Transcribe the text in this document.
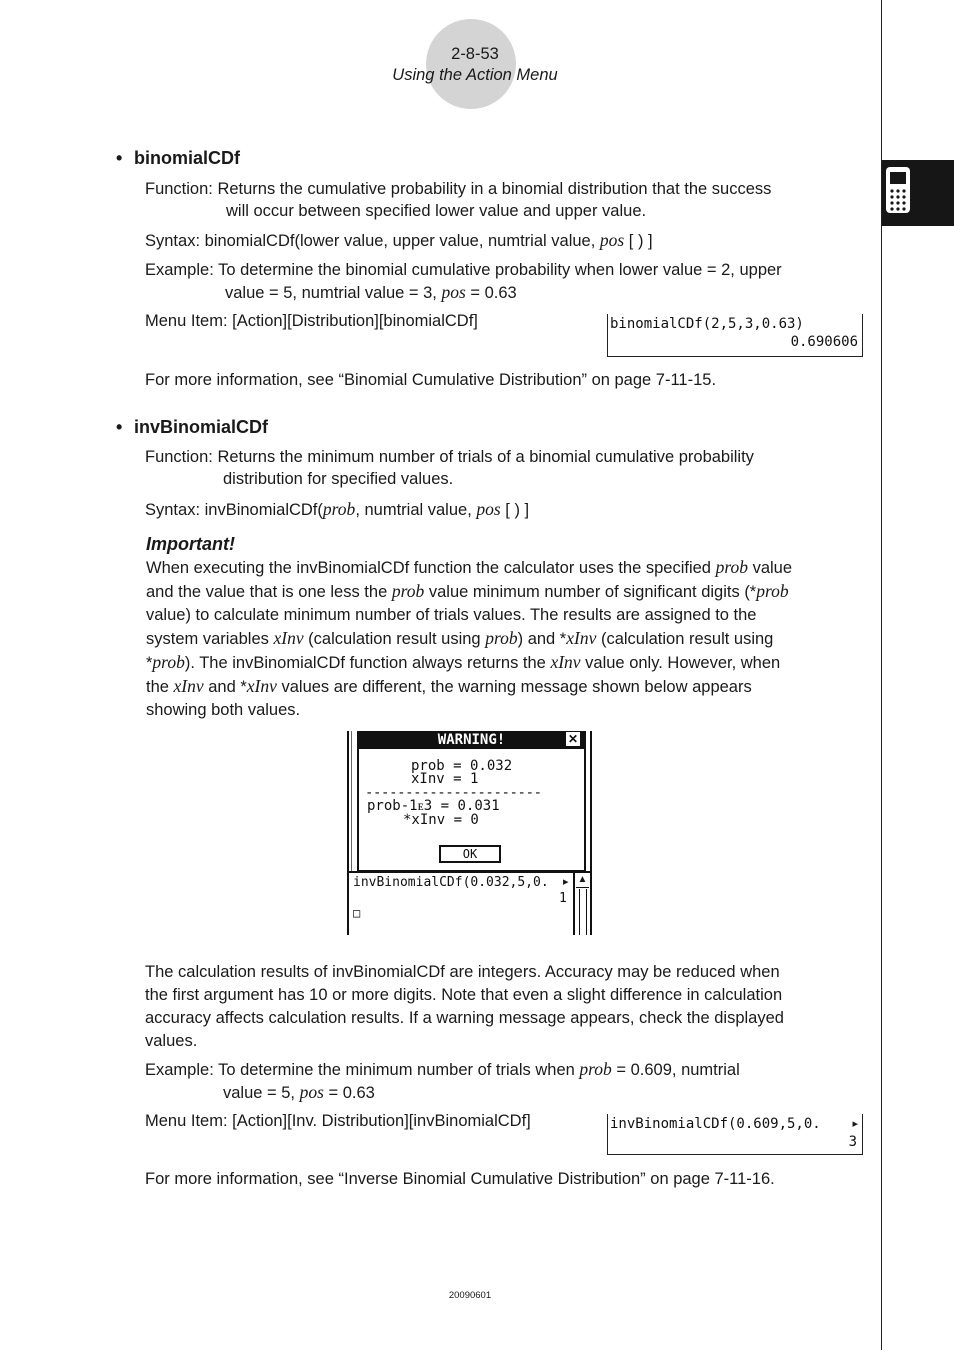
2-8-53
Using the Action Menu
• binomialCDf
Function: Returns the cumulative probability in a binomial distribution that the success
will occur between specified lower value and upper value.
Syntax: binomialCDf(lower value, upper value, numtrial value, pos [ ) ]
Example: To determine the binomial cumulative probability when lower value = 2, upper
value = 5, numtrial value = 3, pos = 0.63
Menu Item: [Action][Distribution][binomialCDf]	binomialCDf(2,5,3,0.63)
0.690606
For more information, see “Binomial Cumulative Distribution” on page 7-11-15.
• invBinomialCDf
Function: Returns the minimum number of trials of a binomial cumulative probability
distribution for specified values.
Syntax: invBinomialCDf(prob, numtrial value, pos [ ) ]
Important!
When executing the invBinomialCDf function the calculator uses the specified prob value
and the value that is one less the prob value minimum number of significant digits (*prob
value) to calculate minimum number of trials values. The results are assigned to the
system variables xInv (calculation result using prob) and *xInv (calculation result using
*prob). The invBinomialCDf function always returns the xInv value only. However, when
the xInv and *xInv values are different, the warning message shown below appears
showing both values.
WARNING!	✕
prob = 0.032
xInv = 1
----------------------
prob-1ᴇ3 = 0.031
*xInv = 0
OK
invBinomialCDf(0.032,5,0. ▸
1
□
▲
The calculation results of invBinomialCDf are integers. Accuracy may be reduced when
the first argument has 10 or more digits. Note that even a slight difference in calculation
accuracy affects calculation results. If a warning message appears, check the displayed
values.
Example: To determine the minimum number of trials when prob = 0.609, numtrial
value = 5, pos = 0.63
Menu Item: [Action][Inv. Distribution][invBinomialCDf]	invBinomialCDf(0.609,5,0.	▸
3
For more information, see “Inverse Binomial Cumulative Distribution” on page 7-11-16.
20090601
